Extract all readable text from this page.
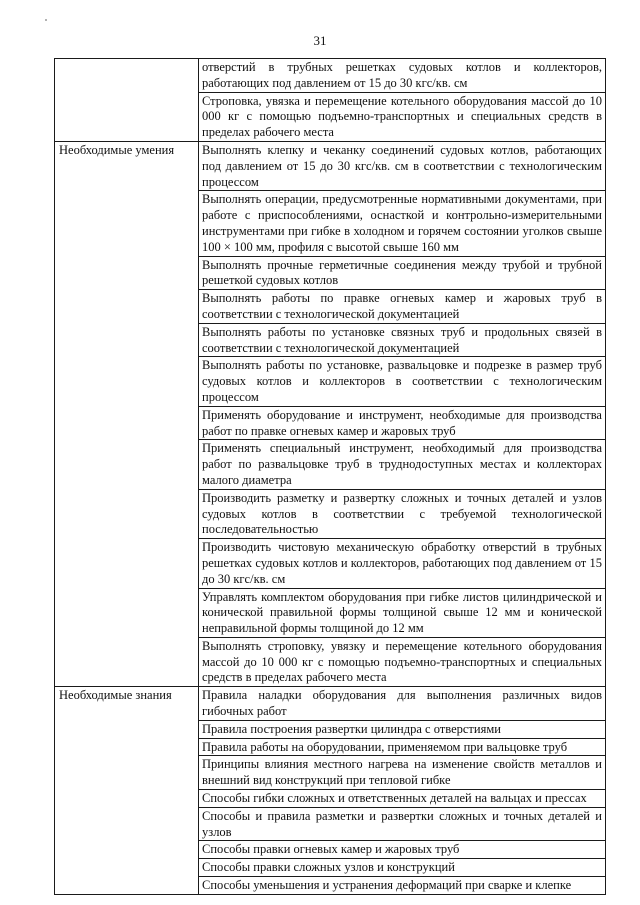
31
	отверстий в трубных решетках судовых котлов и коллекторов, работающих под давлением от 15 до 30 кгс/кв. см
	Строповка, увязка и перемещение котельного оборудования массой до 10 000 кг с помощью подъемно-транспортных и специальных средств в пределах рабочего места
Необходимые умения	Выполнять клепку и чеканку соединений судовых котлов, работающих под давлением от 15 до 30 кгс/кв. см в соответствии с технологическим процессом
	Выполнять операции, предусмотренные нормативными документами, при работе с приспособлениями, оснасткой и контрольно-измерительными инструментами при гибке в холодном и горячем состоянии уголков свыше 100 × 100 мм, профиля с высотой свыше 160 мм
	Выполнять прочные герметичные соединения между трубой и трубной решеткой судовых котлов
	Выполнять работы по правке огневых камер и жаровых труб в соответствии с технологической документацией
	Выполнять работы по установке связных труб и продольных связей в соответствии с технологической документацией
	Выполнять работы по установке, развальцовке и подрезке в размер труб судовых котлов и коллекторов в соответствии с технологическим процессом
	Применять оборудование и инструмент, необходимые для производства работ по правке огневых камер и жаровых труб
	Применять специальный инструмент, необходимый для производства работ по развальцовке труб в труднодоступных местах и коллекторах малого диаметра
	Производить разметку и развертку сложных и точных деталей и узлов судовых котлов в соответствии с требуемой технологической последовательностью
	Производить чистовую механическую обработку отверстий в трубных решетках судовых котлов и коллекторов, работающих под давлением от 15 до 30 кгс/кв. см
	Управлять комплектом оборудования при гибке листов цилиндрической и конической правильной формы толщиной свыше 12 мм и конической неправильной формы толщиной до 12 мм
	Выполнять строповку, увязку и перемещение котельного оборудования массой до 10 000 кг с помощью подъемно-транспортных и специальных средств в пределах рабочего места
Необходимые знания	Правила наладки оборудования для выполнения различных видов гибочных работ
	Правила построения развертки цилиндра с отверстиями
	Правила работы на оборудовании, применяемом при вальцовке труб
	Принципы влияния местного нагрева на изменение свойств металлов и внешний вид конструкций при тепловой гибке
	Способы гибки сложных и ответственных деталей на вальцах и прессах
	Способы и правила разметки и развертки сложных и точных деталей и узлов
	Способы правки огневых камер и жаровых труб
	Способы правки сложных узлов и конструкций
	Способы уменьшения и устранения деформаций при сварке и клепке
